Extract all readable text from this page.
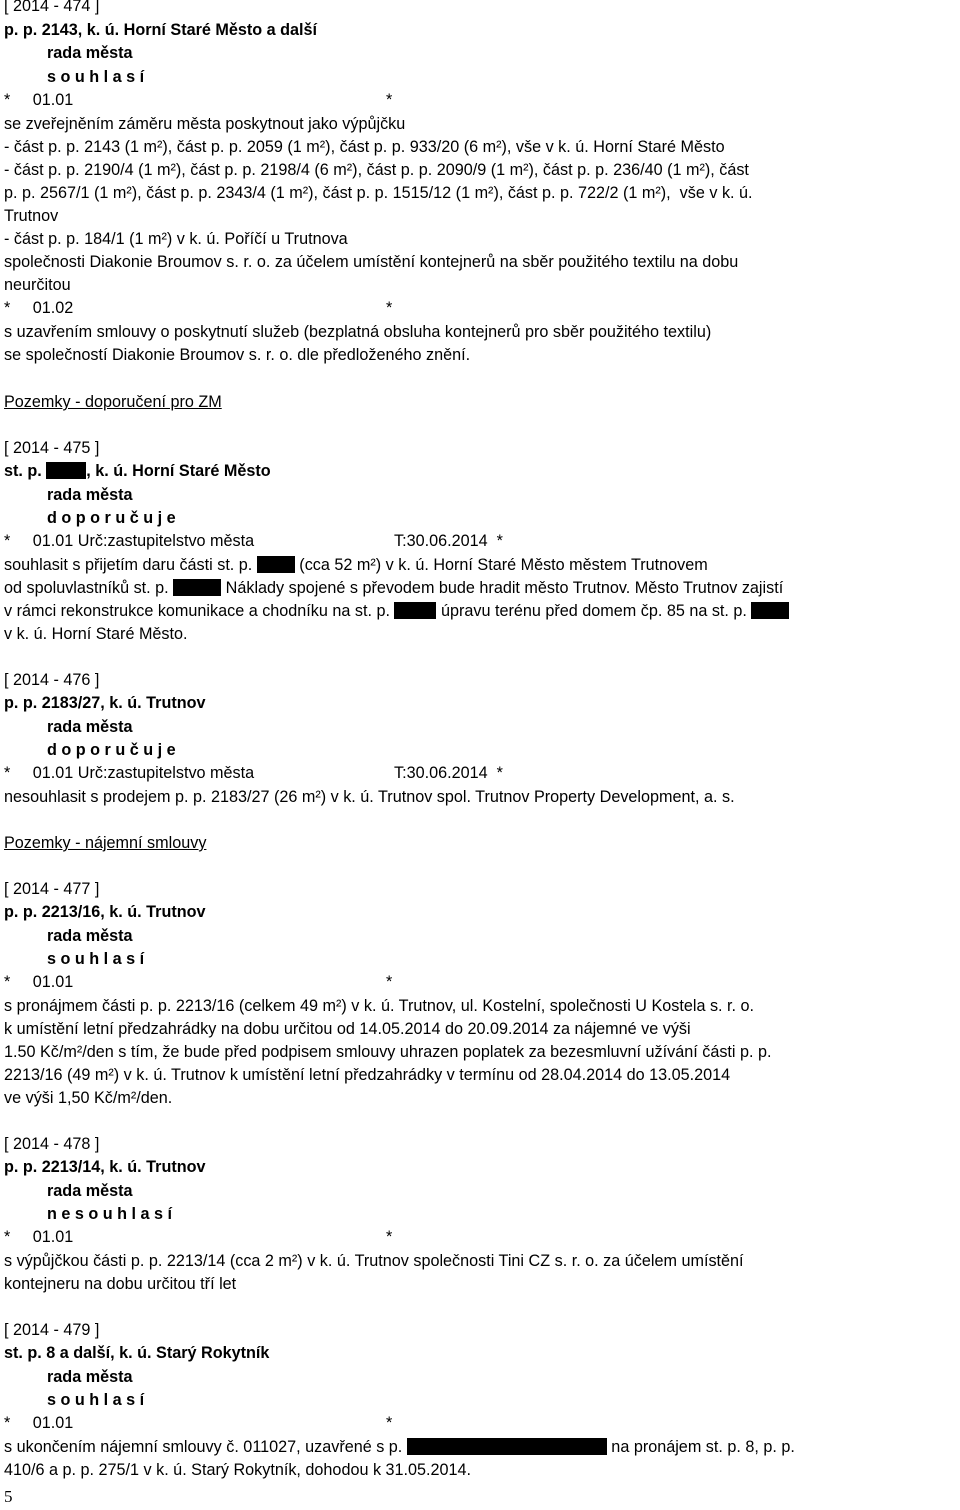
[ 2014 - 474 ]
p. p. 2143, k. ú. Horní Staré Město a další
rada města
s o u h l a s í
*     01.01	*
se zveřejněním záměru města poskytnout jako výpůjčku
- část p. p. 2143 (1 m²), část p. p. 2059 (1 m²), část p. p. 933/20 (6 m²), vše v k. ú. Horní Staré Město
- část p. p. 2190/4 (1 m²), část p. p. 2198/4 (6 m²), část p. p. 2090/9 (1 m²), část p. p. 236/40 (1 m²), část
p. p. 2567/1 (1 m²), část p. p. 2343/4 (1 m²), část p. p. 1515/12 (1 m²), část p. p. 722/2 (1 m²),  vše v k. ú.
Trutnov
- část p. p. 184/1 (1 m²) v k. ú. Poříčí u Trutnova
společnosti Diakonie Broumov s. r. o. za účelem umístění kontejnerů na sběr použitého textilu na dobu
neurčitou
*     01.02	*
s uzavřením smlouvy o poskytnutí služeb (bezplatná obsluha kontejnerů pro sběr použitého textilu)
se společností Diakonie Broumov s. r. o. dle předloženého znění.
Pozemky - doporučení pro ZM
[ 2014 - 475 ]
st. p. , k. ú. Horní Staré Město
rada města
d o p o r u č u j e
*     01.01 Urč:zastupitelstvo města	T:30.06.2014  *
souhlasit s přijetím daru části st. p.  (cca 52 m²) v k. ú. Horní Staré Město městem Trutnovem
od spoluvlastníků st. p.	Náklady spojené s převodem bude hradit město Trutnov. Město Trutnov zajistí
v rámci rekonstrukce komunikace a chodníku na st. p.	úpravu terénu před domem čp. 85 na st. p.
v k. ú. Horní Staré Město.
[ 2014 - 476 ]
p. p. 2183/27, k. ú. Trutnov
rada města
d o p o r u č u j e
*     01.01 Urč:zastupitelstvo města	T:30.06.2014  *
nesouhlasit s prodejem p. p. 2183/27 (26 m²) v k. ú. Trutnov spol. Trutnov Property Development, a. s.
Pozemky - nájemní smlouvy
[ 2014 - 477 ]
p. p. 2213/16, k. ú. Trutnov
rada města
s o u h l a s í
*     01.01	*
s pronájmem části p. p. 2213/16 (celkem 49 m²) v k. ú. Trutnov, ul. Kostelní, společnosti U Kostela s. r. o.
k umístění letní předzahrádky na dobu určitou od 14.05.2014 do 20.09.2014 za nájemné ve výši
1.50 Kč/m²/den s tím, že bude před podpisem smlouvy uhrazen poplatek za bezesmluvní užívání části p. p.
2213/16 (49 m²) v k. ú. Trutnov k umístění letní předzahrádky v termínu od 28.04.2014 do 13.05.2014
ve výši 1,50 Kč/m²/den.
[ 2014 - 478 ]
p. p. 2213/14, k. ú. Trutnov
rada města
n e s o u h l a s í
*     01.01	*
s výpůjčkou části p. p. 2213/14 (cca 2 m²) v k. ú. Trutnov společnosti Tini CZ s. r. o. za účelem umístění
kontejneru na dobu určitou tří let
[ 2014 - 479 ]
st. p. 8 a další, k. ú. Starý Rokytník
rada města
s o u h l a s í
*     01.01	*
s ukončením nájemní smlouvy č. 011027, uzavřené s p.	na pronájem st. p. 8, p. p.
410/6 a p. p. 275/1 v k. ú. Starý Rokytník, dohodou k 31.05.2014.
5
